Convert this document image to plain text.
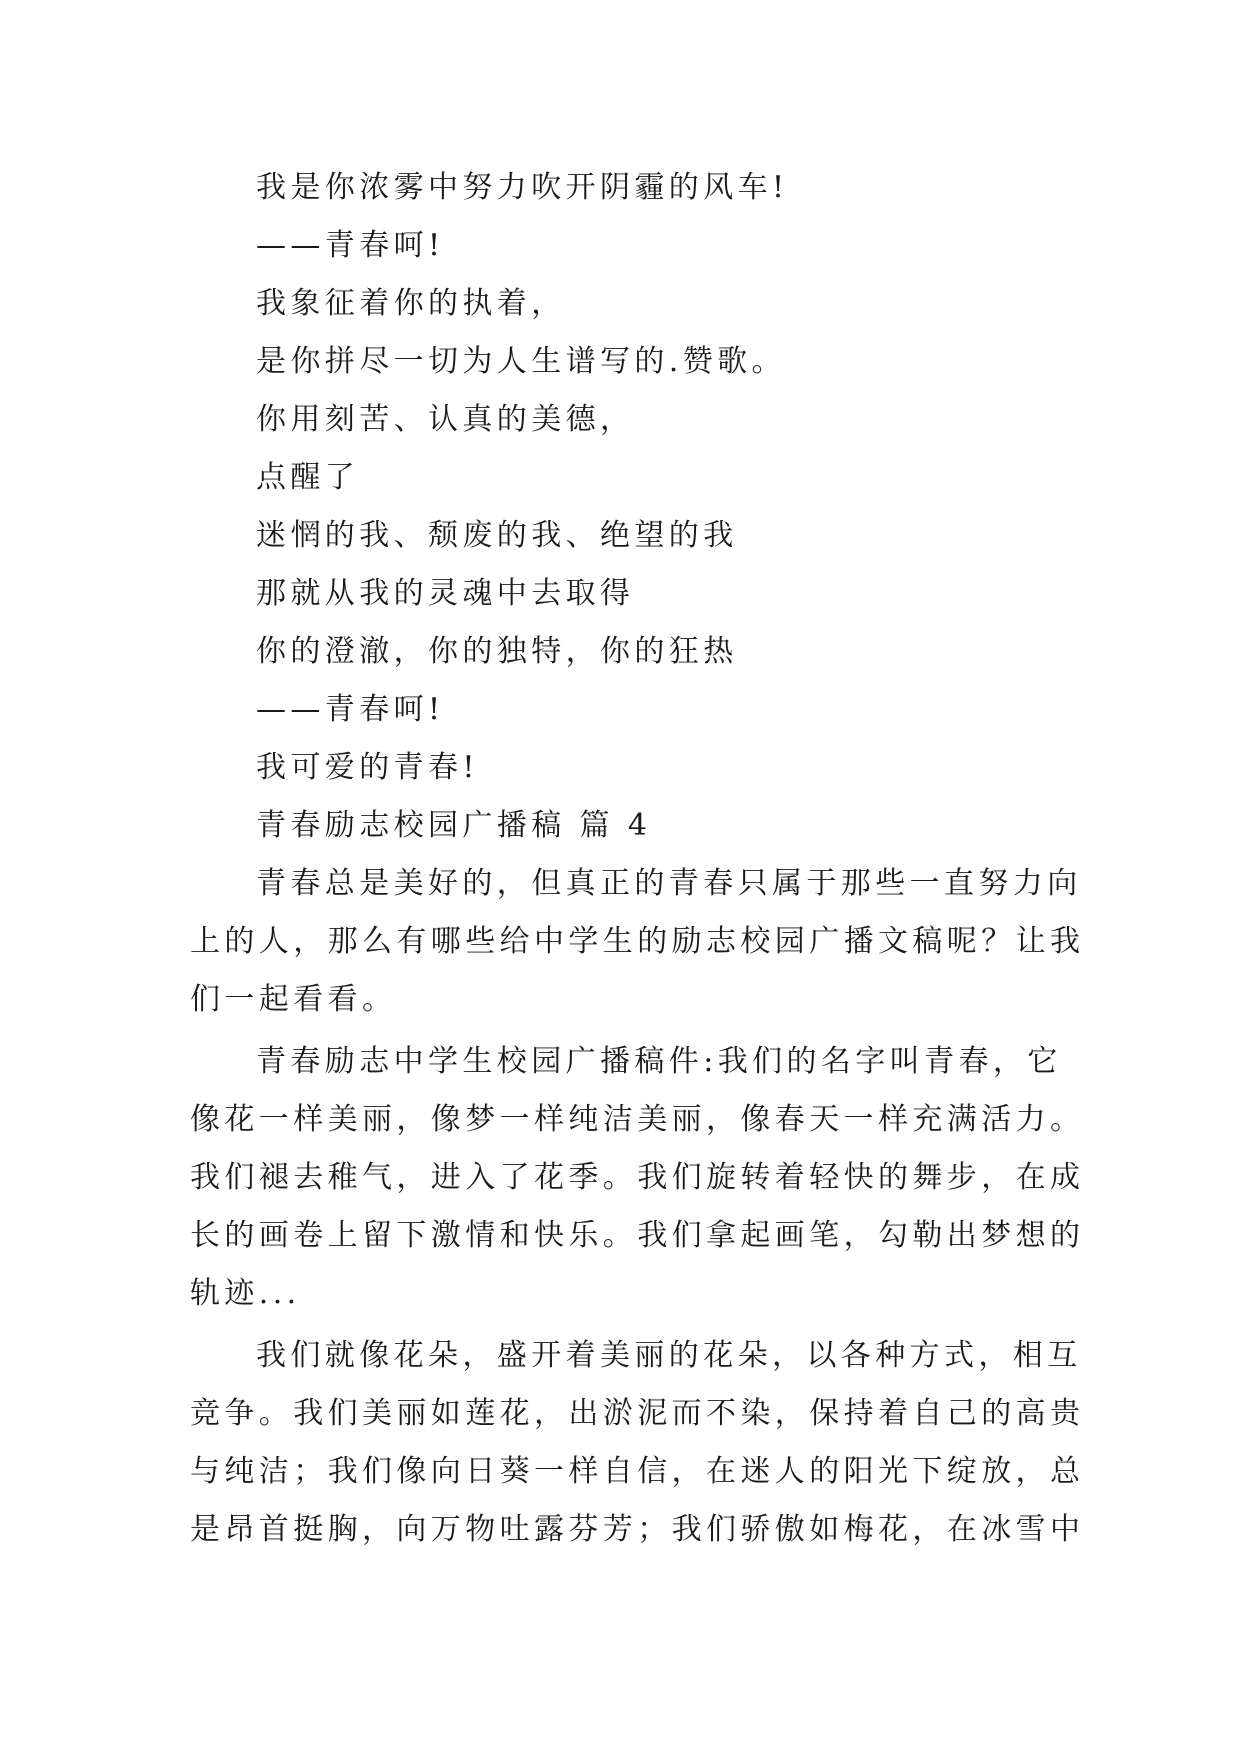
我是你浓雾中努力吹开阴霾的风车!

——青春呵!

我象征着你的执着，

是你拼尽一切为人生谱写的.赞歌。

你用刻苦、认真的美德，

点醒了

迷惘的我、颓废的我、绝望的我

那就从我的灵魂中去取得

你的澄澈，你的独特，你的狂热

——青春呵!

我可爱的青春!

青春励志校园广播稿 篇 4

青春总是美好的，但真正的青春只属于那些一直努力向

上的人，那么有哪些给中学生的励志校园广播文稿呢？让我

们一起看看。

青春励志中学生校园广播稿件:我们的名字叫青春，它

像花一样美丽，像梦一样纯洁美丽，像春天一样充满活力。

我们褪去稚气，进入了花季。我们旋转着轻快的舞步，在成

长的画卷上留下激情和快乐。我们拿起画笔，勾勒出梦想的

轨迹...

我们就像花朵，盛开着美丽的花朵，以各种方式，相互

竞争。我们美丽如莲花，出淤泥而不染，保持着自己的高贵

与纯洁；我们像向日葵一样自信，在迷人的阳光下绽放，总

是昂首挺胸，向万物吐露芬芳；我们骄傲如梅花，在冰雪中
